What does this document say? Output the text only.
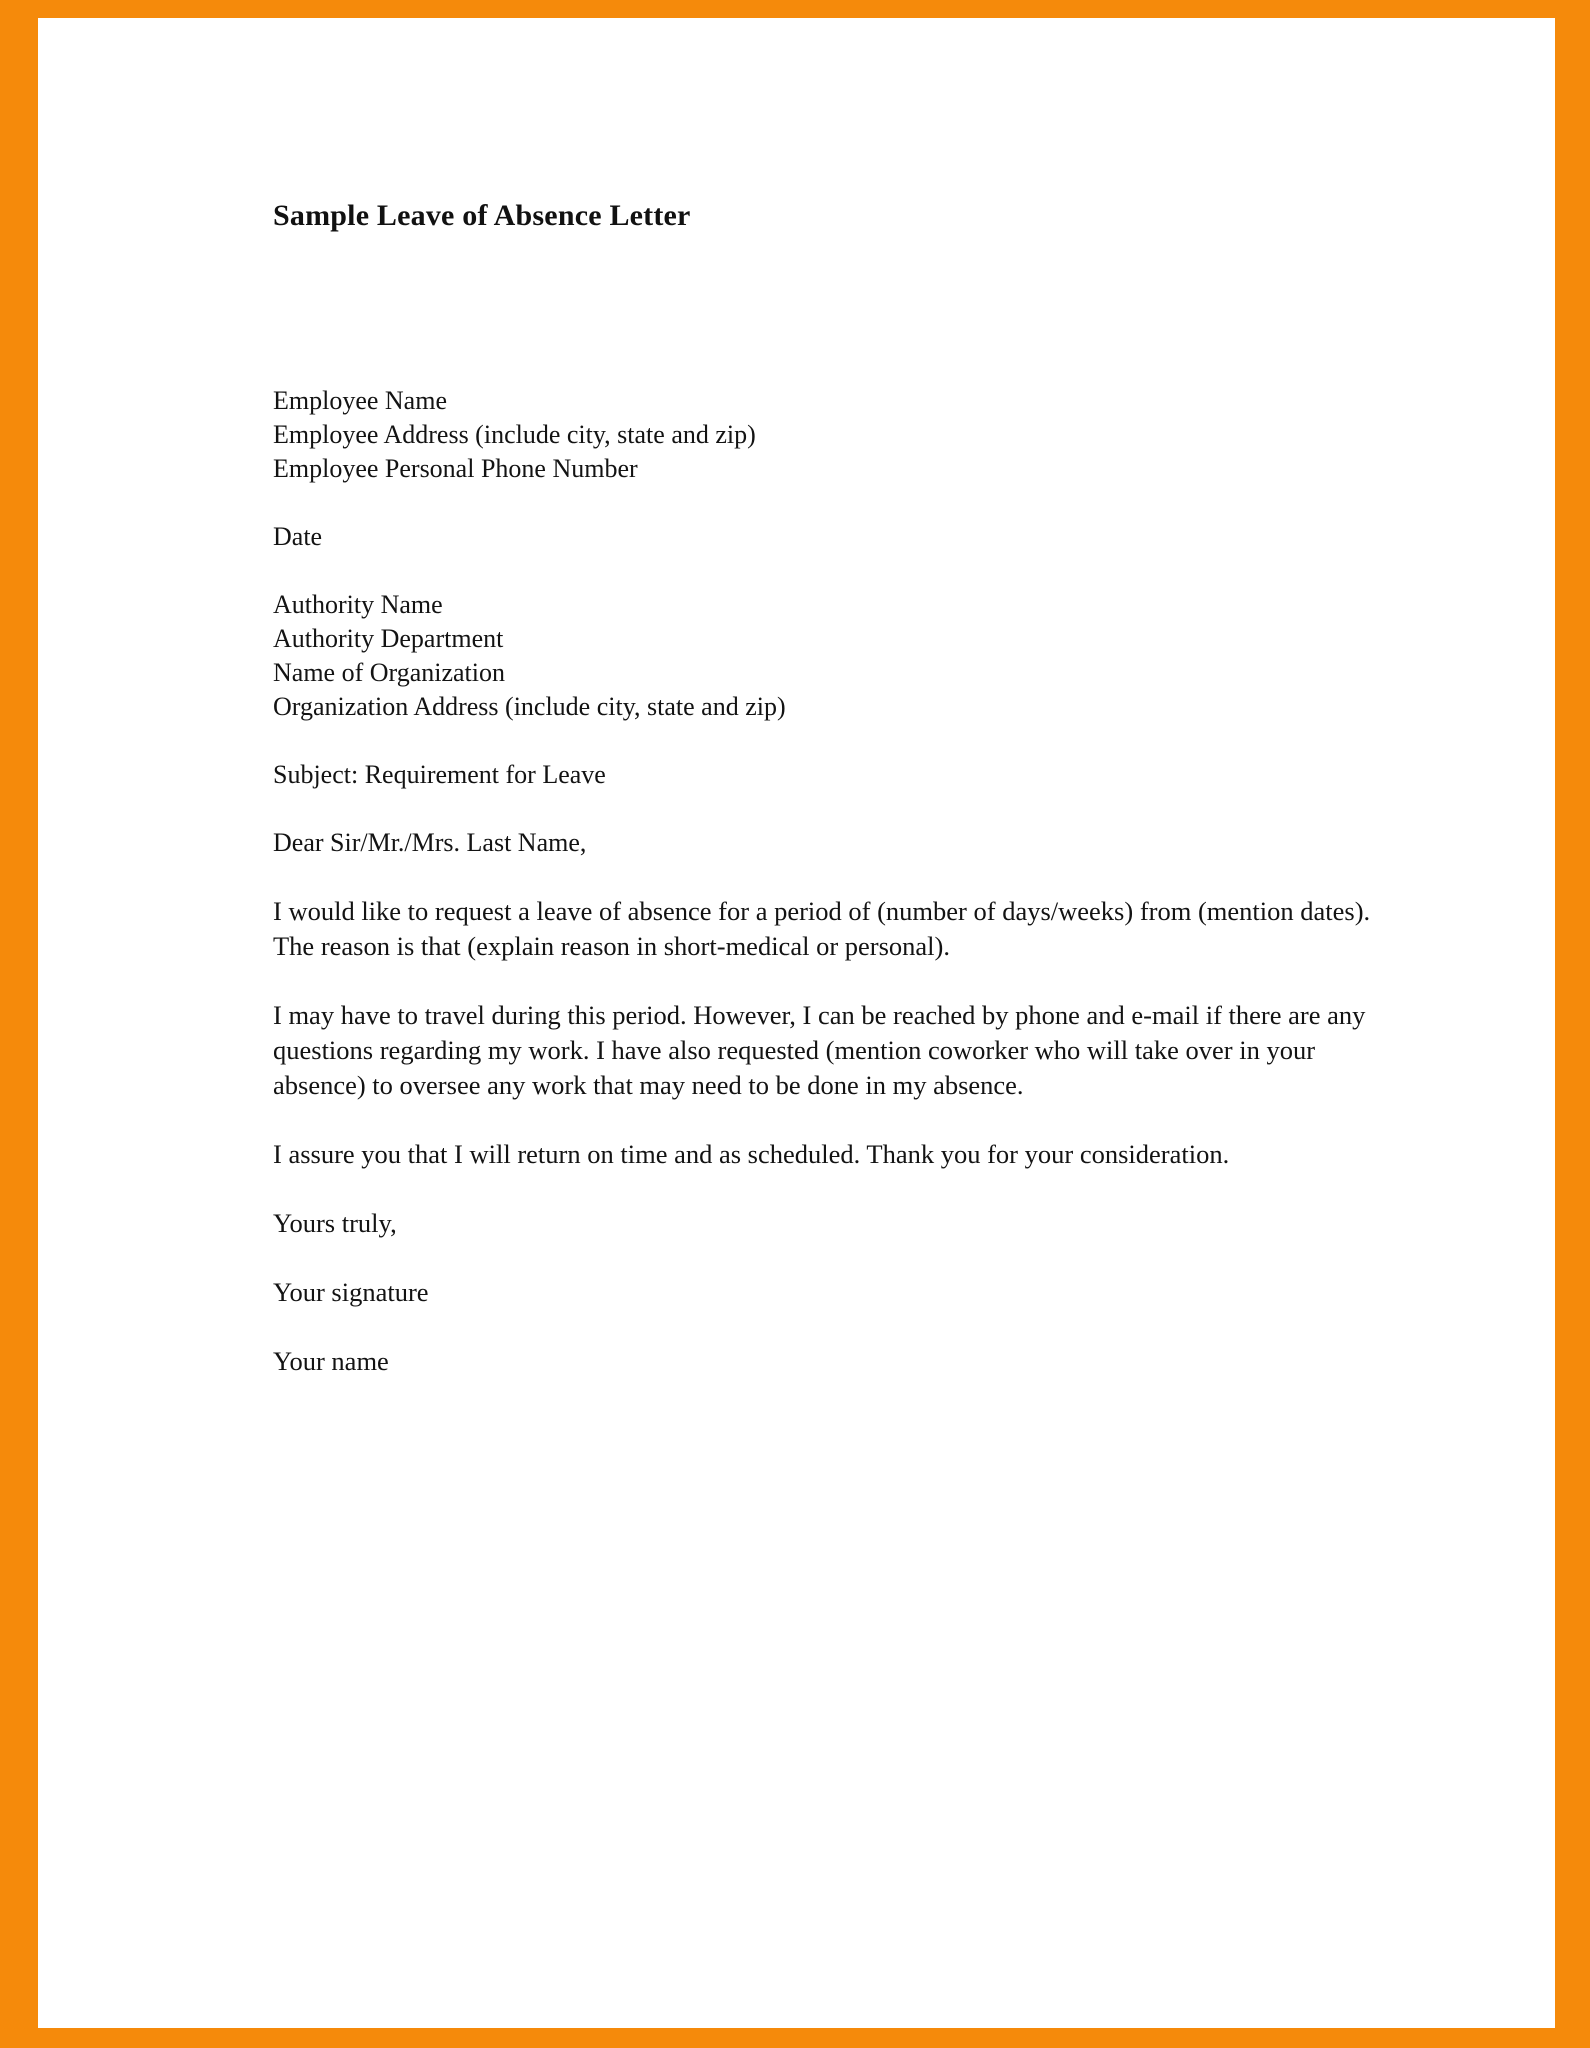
Sample Leave of Absence Letter
Employee Name
Employee Address (include city, state and zip)
Employee Personal Phone Number
Date
Authority Name
Authority Department
Name of Organization
Organization Address (include city, state and zip)
Subject: Requirement for Leave
Dear Sir/Mr./Mrs. Last Name,

I would like to request a leave of absence for a period of (number of days/weeks) from (mention dates). The reason is that (explain reason in short-medical or personal).

I may have to travel during this period. However, I can be reached by phone and e-mail if there are any questions regarding my work. I have also requested (mention coworker who will take over in your absence) to oversee any work that may need to be done in my absence.

I assure you that I will return on time and as scheduled. Thank you for your consideration.

Yours truly,

Your signature

Your name
